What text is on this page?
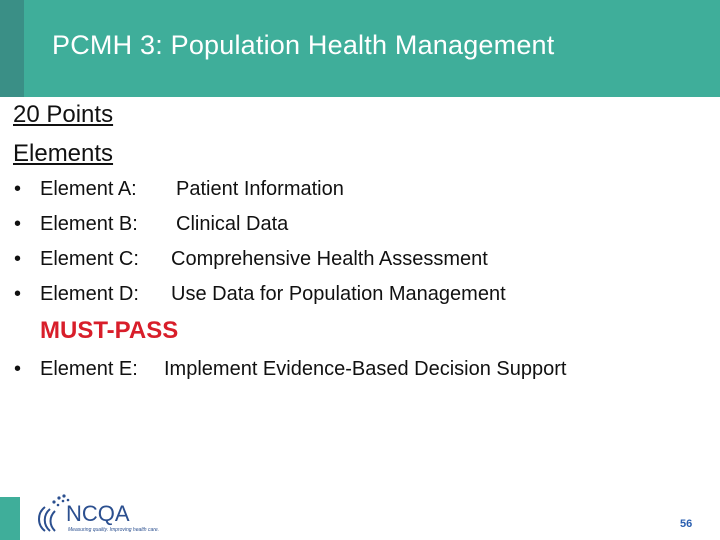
PCMH 3: Population Health Management
20 Points
Elements
• Element A: Patient Information
• Element B: Clinical Data
• Element C: Comprehensive Health Assessment
• Element D: Use Data for Population Management
MUST-PASS
• Element E: Implement Evidence-Based Decision Support
NCQA
Measuring quality. Improving health care.	56
